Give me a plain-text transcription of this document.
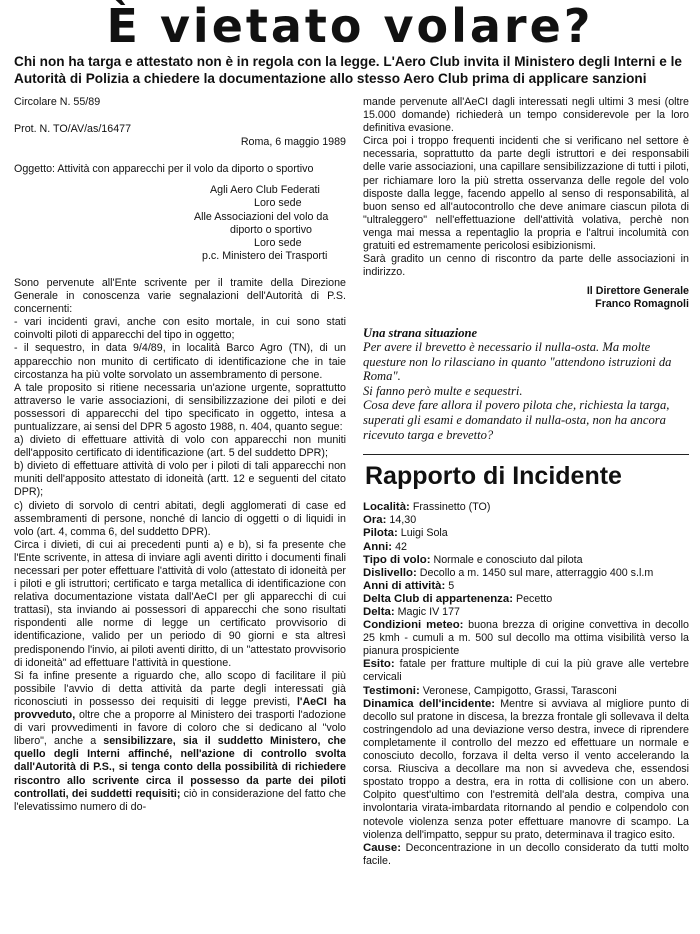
È vietato volare?

Chi non ha targa e attestato non è in regola con la legge. L'Aero Club invita il Ministero degli Interni e le Autorità di Polizia a chiedere la documentazione allo stesso Aero Club prima di applicare sanzioni

Circolare N. 55/89

Prot. N. TO/AV/as/16477

Roma, 6 maggio 1989

Oggetto: Attività con apparecchi per il volo da diporto o sportivo

Agli Aero Club Federati
Loro sede
Alle Associazioni del volo da
diporto o sportivo
Loro sede

p.c. Ministero dei Trasporti

Sono pervenute all'Ente scrivente per il tramite della Direzione Generale in conoscenza varie segnalazioni dell'Autorità di P.S. concernenti:

- vari incidenti gravi, anche con esito mortale, in cui sono stati coinvolti piloti di apparecchi del tipo in oggetto;

- il sequestro, in data 9/4/89, in località Barco Agro (TN), di un apparecchio non munito di certificato di identificazione che in taie circostanza ha più volte sorvolato un assembramento di persone.

A tale proposito si ritiene necessaria un'azione urgente, soprattutto attraverso le varie associazioni, di sensibilizzazione dei piloti e dei possessori di apparecchi del tipo specificato in oggetto, intesa a puntualizzare, ai sensi del DPR 5 agosto 1988, n. 404, quanto segue:

a) divieto di effettuare attività di volo con apparecchi non muniti dell'apposito certificato di identificazione (art. 5 del suddetto DPR);

b) divieto di effettuare attività di volo per i piloti di tali apparecchi non muniti dell'apposito attestato di idoneità (artt. 12 e seguenti del citato DPR);

c) divieto di sorvolo di centri abitati, degli agglomerati di case ed assembramenti di persone, nonché di lancio di oggetti o di liquidi in volo (art. 4, comma 6, del suddetto DPR).

Circa i divieti, di cui ai precedenti punti a) e b), si fa presente che l'Ente scrivente, in attesa di inviare agli aventi diritto i documenti finali necessari per poter effettuare l'attività di volo (attestato di idoneità per i piloti e gli istruttori; certificato e targa metallica di identificazione con relativa documentazione vistata dall'AeCI per gli apparecchi di cui trattasi), sta inviando ai possessori di apparecchi che sono risultati rispondenti alle norme di legge un certificato provvisorio di identificazione, valido per un periodo di 90 giorni e sta altresì predisponendo l'invio, ai piloti aventi diritto, di un "attestato provvisorio di idoneità" ad effettuare l'attività in questione.

Si fa infine presente a riguardo che, allo scopo di facilitare il più possibile l'avvio di detta attività da parte degli interessati già riconosciuti in possesso dei requisiti di legge previsti, l'AeCI ha provveduto, oltre che a proporre al Ministero dei trasporti l'adozione di vari provvedimenti in favore di coloro che si dedicano al "volo libero", anche a sensibilizzare, sia il suddetto Ministero, che quello degli Interni affinché, nell'azione di controllo svolta dall'Autorità di P.S., si tenga conto della possibilità di richiedere riscontro allo scrivente circa il possesso da parte dei piloti controllati, dei suddetti requisiti; ciò in considerazione del fatto che l'elevatissimo numero di do-

mande pervenute all'AeCI dagli interessati negli ultimi 3 mesi (oltre 15.000 domande) richiederà un tempo considerevole per la loro definitiva evasione.

Circa poi i troppo frequenti incidenti che si verificano nel settore è necessaria, soprattutto da parte degli istruttori e dei responsabili delle varie associazioni, una capillare sensibilizzazione di tutti i piloti, per richiamare loro la più stretta osservanza delle regole del volo disposte dalla legge, facendo appello al senso di responsabilità, al buon senso ed all'autocontrollo che deve animare ciascun pilota di "ultraleggero" nell'effettuazione dell'attività volativa, perchè non venga mai messa a repentaglio la propria e l'altrui incolumità con gratuiti ed estremamente pericolosi esibizionismi.

Sarà gradito un cenno di riscontro da parte delle associazioni in indirizzo.

Il Direttore Generale

Franco Romagnoli

Una strana situazione
Per avere il brevetto è necessario il nulla-osta. Ma molte questure non lo rilasciano in quanto "attendono istruzioni da Roma".
Si fanno però multe e sequestri.
Cosa deve fare allora il povero pilota che, richiesta la targa, superati gli esami e domandato il nulla-osta, non ha ancora ricevuto targa e brevetto?
Rapporto di Incidente

Località: Frassinetto (TO)

Ora: 14,30

Pilota: Luigi Sola

Anni: 42

Tipo di volo: Normale e conosciuto dal pilota

Dislivello: Decollo a m. 1450 sul mare, atterraggio 400 s.l.m

Anni di attività: 5

Delta Club di appartenenza: Pecetto

Delta: Magic IV 177

Condizioni meteo: buona brezza di origine convettiva in decollo 25 kmh - cumuli a m. 500 sul decollo ma ottima visibilità verso la pianura prospiciente

Esito: fatale per fratture multiple di cui la più grave alle vertebre cervicali

Testimoni: Veronese, Campigotto, Grassi, Tarasconi

Dinamica dell'incidente: Mentre si avviava al migliore punto di decollo sul pratone in discesa, la brezza frontale gli sollevava il delta costringendolo ad una deviazione verso destra, invece di riprendere completamente il controllo del mezzo ed effettuare un normale e conosciuto decollo, forzava il delta verso il vento accelerando la corsa. Riusciva a decollare ma non si avvedeva che, essendosi spostato troppo a destra, era in rotta di collisione con un abero. Colpito quest'ultimo con l'estremità dell'ala destra, compiva una involontaria virata-imbardata ritornando al pendio e colpendolo con notevole violenza senza poter effettuare manovre di scampo. La violenza dell'impatto, seppur su prato, determinava il tragico esito.

Cause: Deconcentrazione in un decollo considerato da tutti molto facile.
